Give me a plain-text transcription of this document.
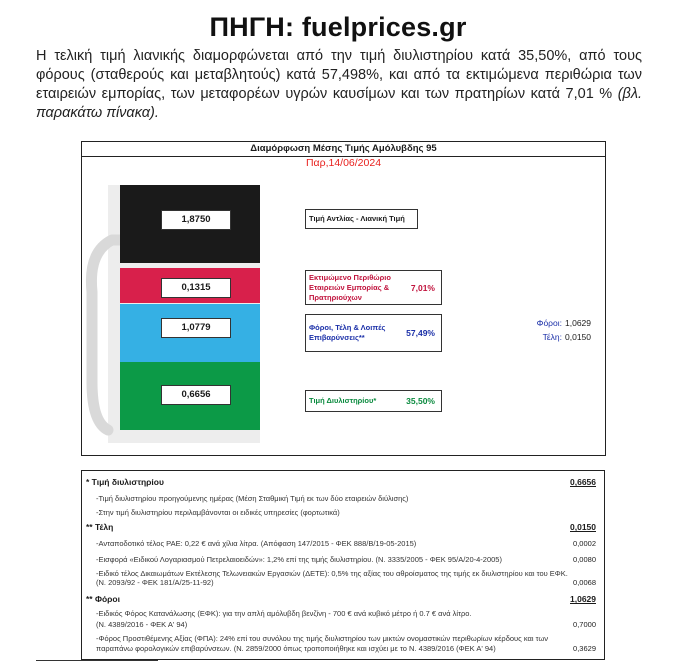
ΠΗΓΗ: fuelprices.gr
Η τελική τιμή λιανικής διαμορφώνεται από την τιμή διυλιστηρίου κατά 35,50%, από τους φόρους (σταθερούς και μεταβλητούς) κατά 57,498%, και από τα εκτιμώμενα περιθώρια των εταιρειών εμπορίας, των μεταφορέων υγρών καυσίμων και των πρατηρίων κατά 7,01 % (βλ. παρακάτω πίνακα).
Διαμόρφωση Μέσης Τιμής Αμόλυβδης 95
Παρ,14/06/2024
1,8750
0,1315
1,0779
0,6656
Τιμή Αντλίας - Λιανική Τιμή
Εκτιμώμενο Περιθώριο Εταιρειών Εμπορίας & Πρατηριούχων
7,01%
Φόροι, Τέλη & Λοιπές Επιβαρύνσεις**	57,49%
Τιμή Διυλιστηρίου*	35,50%
Φόροι: 1,0629
Τέλη: 0,0150
* Τιμή διυλιστηρίου	0,6656
-Τιμή διυλιστηρίου προηγούμενης ημέρας (Μέση Σταθμική Τιμή εκ των δύο εταιρειών διύλισης)
-Στην τιμή διυλιστηρίου περιλαμβάνονται οι ειδικές υπηρεσίες (φορτωτικά)
** Τέλη	0,0150
-Ανταποδοτικό τέλος ΡΑΕ: 0,22 € ανά χίλια λίτρα. (Απόφαση 147/2015 - ΦΕΚ 888/Β/19-05-2015)	0,0002
-Εισφορά «Ειδικού Λογαριασμού Πετρελαιοειδών»: 1,2% επί της τιμής διυλιστηρίου. (Ν. 3335/2005 - ΦΕΚ 95/Α/20-4-2005)	0,0080
-Ειδικό τέλος Δικαιωμάτων Εκτέλεσης Τελωνειακών Εργασιών (ΔΕΤΕ): 0,5% της αξίας του αθροίσματος της τιμής εκ διυλιστηρίου και του ΕΦΚ.
(Ν. 2093/92 - ΦΕΚ 181/Α/25-11-92)	0,0068
** Φόροι	1,0629
-Ειδικός Φόρος Κατανάλωσης (ΕΦΚ): για την απλή αμόλυβδη βενζίνη - 700 € ανά κυβικό μέτρο ή 0.7 € ανά λίτρο.
(Ν. 4389/2016 - ΦΕΚ Α' 94)	0,7000
-Φόρος Προστιθέμενης Αξίας (ΦΠΑ): 24% επί του συνόλου της τιμής διυλιστηρίου των μικτών ονομαστικών περιθωρίων κέρδους και των
παραπάνω φορολογικών επιβαρύνσεων. (Ν. 2859/2000 όπως τροποποιήθηκε και ισχύει με το Ν. 4389/2016 (ΦΕΚ Α' 94)	0,3629
